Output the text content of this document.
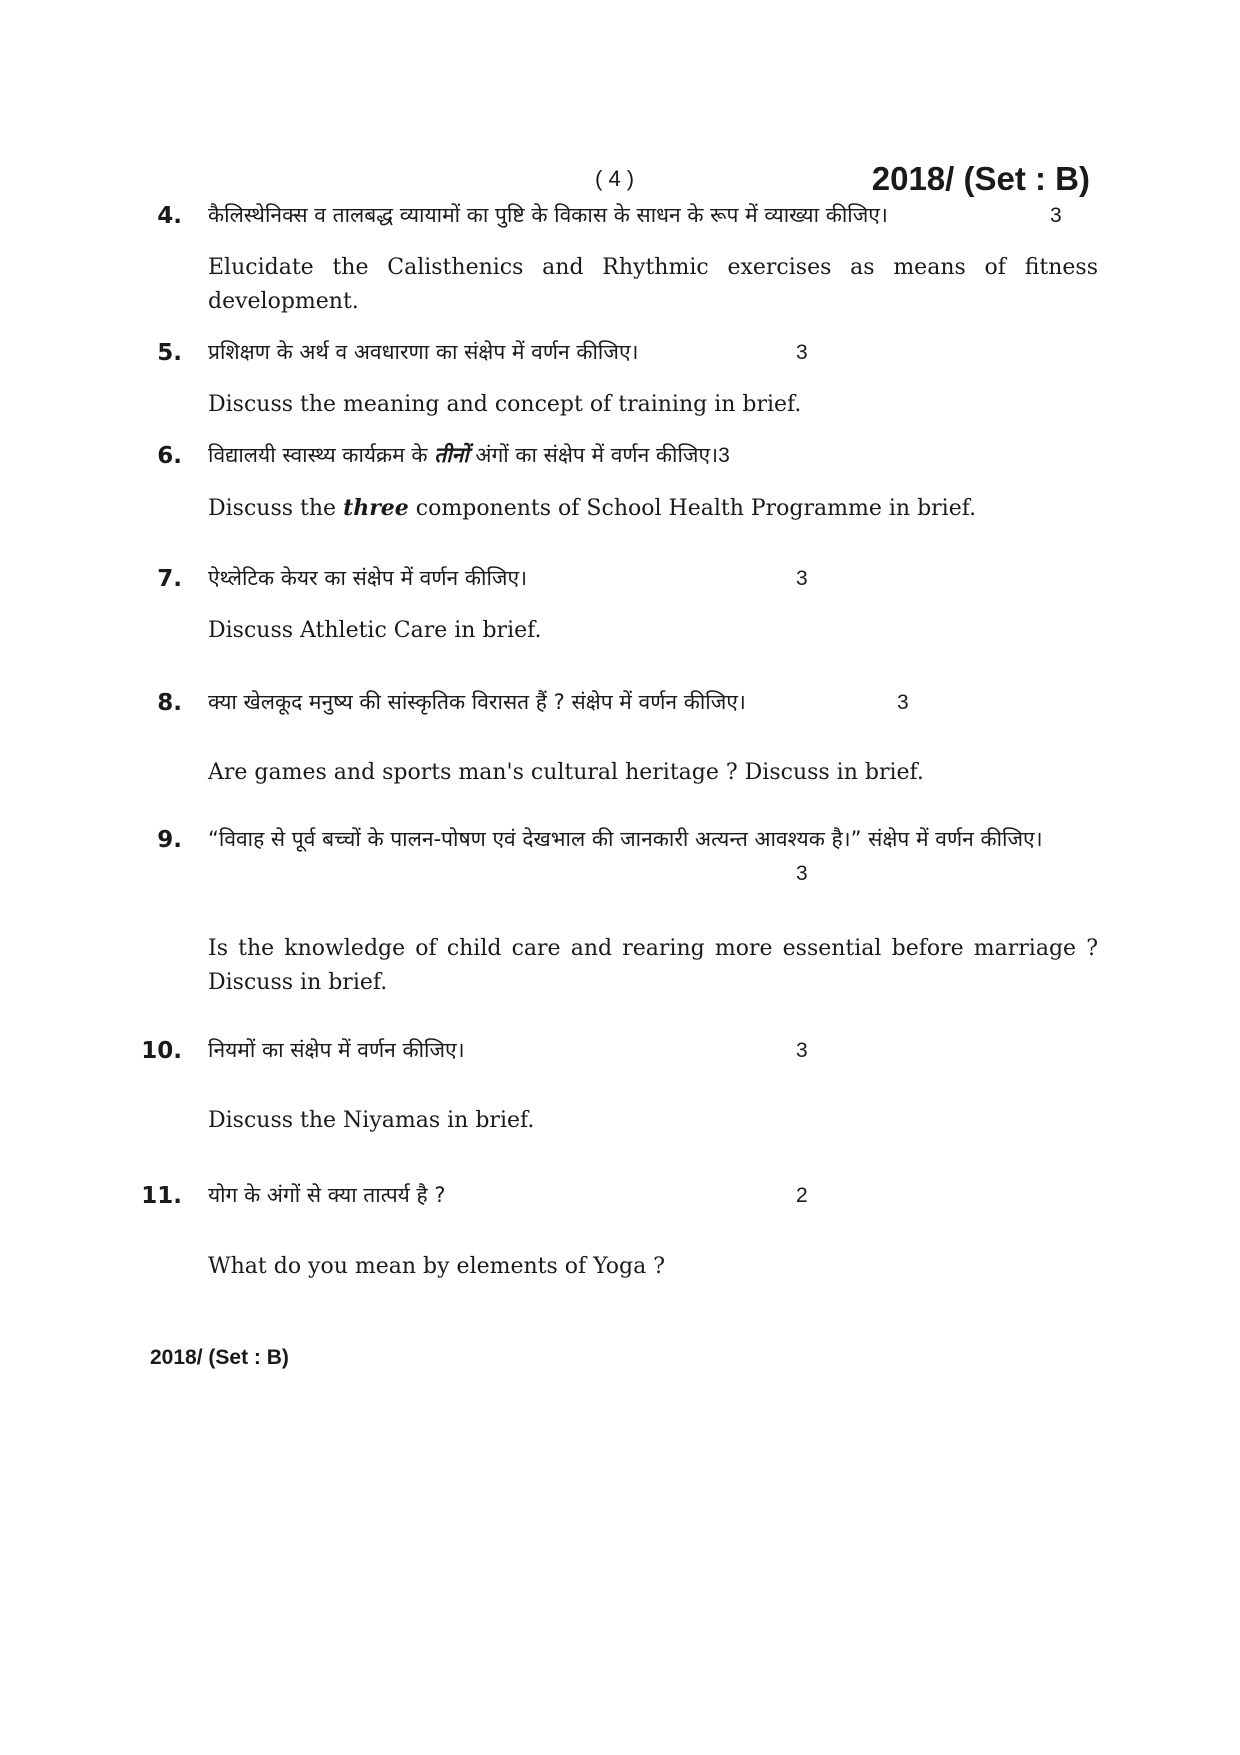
( 4 )	2018/ (Set : B)
4. कैलिस्थेनिक्स व तालबद्ध व्यायामों का पुष्टि के विकास के साधन के रूप में व्याख्या कीजिए।	3
Elucidate the Calisthenics and Rhythmic exercises as means of fitness development.
5. प्रशिक्षण के अर्थ व अवधारणा का संक्षेप में वर्णन कीजिए।	3
Discuss the meaning and concept of training in brief.
6. विद्यालयी स्वास्थ्य कार्यक्रम के तीनों अंगों का संक्षेप में वर्णन कीजिए।3
Discuss the three components of School Health Programme in brief.
7. ऐथ्लेटिक केयर का संक्षेप में वर्णन कीजिए।	3
Discuss Athletic Care in brief.
8. क्या खेलकूद मनुष्य की सांस्कृतिक विरासत हैं ? संक्षेप में वर्णन कीजिए।	3
Are games and sports man's cultural heritage ? Discuss in brief.
9. “विवाह से पूर्व बच्चों के पालन-पोषण एवं देखभाल की जानकारी अत्यन्त आवश्यक है।” संक्षेप में वर्णन कीजिए।
3
Is the knowledge of child care and rearing more essential before marriage ? Discuss in brief.
10. नियमों का संक्षेप में वर्णन कीजिए।	3
Discuss the Niyamas in brief.
11. योग के अंगों से क्या तात्पर्य है ?	2
What do you mean by elements of Yoga ?
2018/ (Set : B)
